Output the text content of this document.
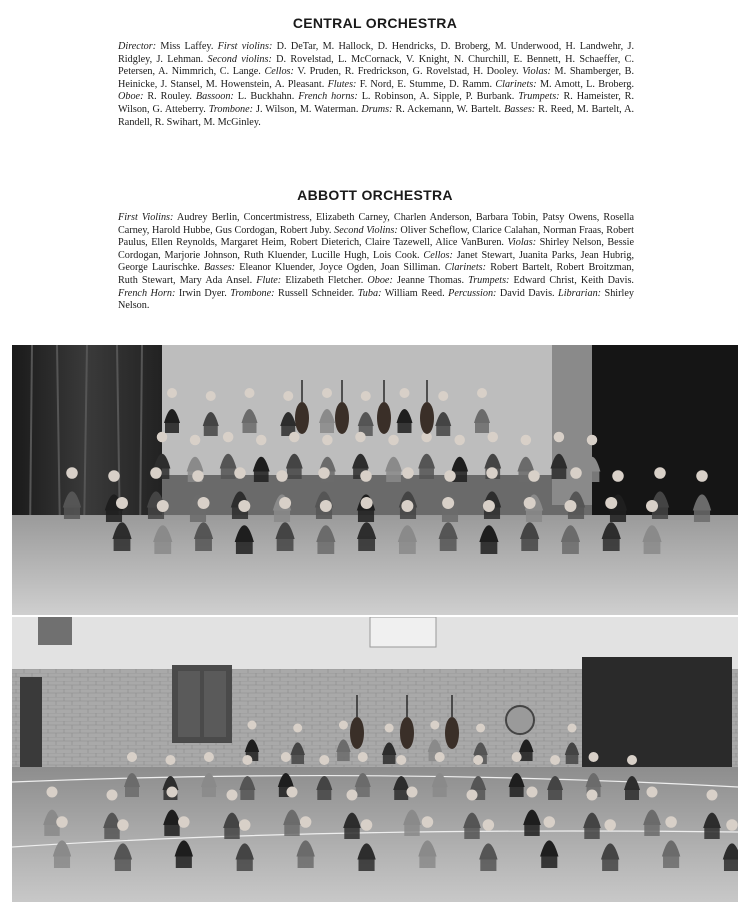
CENTRAL ORCHESTRA

Director: Miss Laffey. First violins: D. DeTar, M. Hallock, D. Hendricks, D. Broberg, M. Underwood, H. Landwehr, J. Ridgley, J. Lehman. Second violins: D. Rovelstad, L. McCornack, V. Knight, N. Churchill, E. Bennett, H. Schaeffer, C. Petersen, A. Nimmrich, C. Lange. Cellos: V. Pruden, R. Fredrickson, G. Rovelstad, H. Dooley. Violas: M. Shamberger, B. Heinicke, J. Stansel, M. Howenstein, A. Pleasant. Flutes: F. Nord, E. Stumme, D. Ramm. Clarinets: M. Amott, L. Broberg. Oboe: R. Rouley. Bassoon: L. Buckhahn. French horns: L. Robinson, A. Sipple, P. Burbank. Trumpets: R. Hameister, R. Wilson, G. Atteberry. Trombone: J. Wilson, M. Waterman. Drums: R. Ackemann, W. Bartelt. Basses: R. Reed, M. Bartelt, A. Randell, R. Swihart, M. McGinley.

ABBOTT ORCHESTRA

First Violins: Audrey Berlin, Concertmistress, Elizabeth Carney, Charlen Anderson, Barbara Tobin, Patsy Owens, Rosella Carney, Harold Hubbe, Gus Cordogan, Robert Juby. Second Violins: Oliver Scheflow, Clarice Calahan, Norman Fraas, Robert Paulus, Ellen Reynolds, Margaret Heim, Robert Dieterich, Claire Tazewell, Alice VanBuren. Violas: Shirley Nelson, Bessie Cordogan, Marjorie Johnson, Ruth Kluender, Lucille Hugh, Lois Cook. Cellos: Janet Stewart, Juanita Parks, Jean Hubrig, George Laurischke. Basses: Eleanor Kluender, Joyce Ogden, Joan Silliman. Clarinets: Robert Bartelt, Robert Broitzman, Ruth Stewart, Mary Ada Ansel. Flute: Elizabeth Fletcher. Oboe: Jeanne Thomas. Trumpets: Edward Christ, Keith Davis. French Horn: Irwin Dyer. Trombone: Russell Schneider. Tuba: William Reed. Percussion: David Davis. Librarian: Shirley Nelson.
